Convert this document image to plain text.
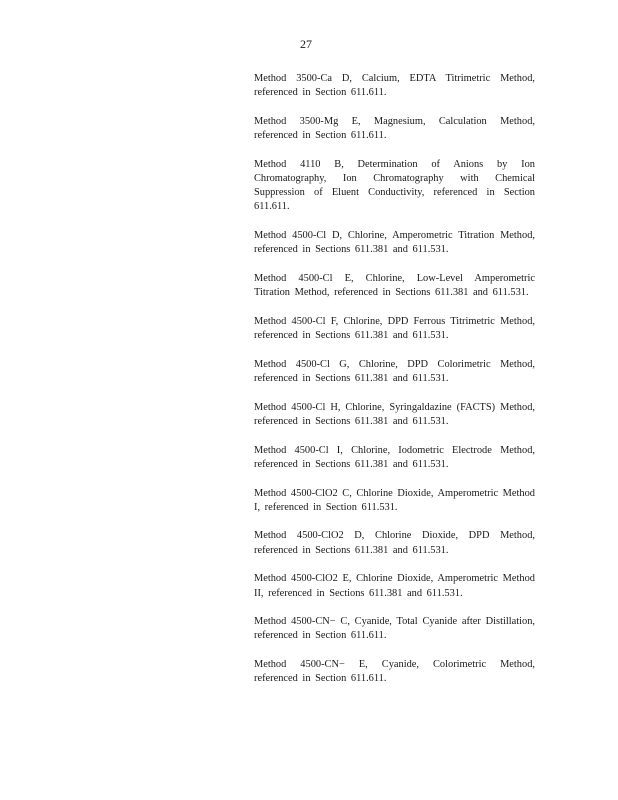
27

Method 3500-Ca D, Calcium, EDTA Titrimetric Method, referenced in Section 611.611.

Method 3500-Mg E, Magnesium, Calculation Method, referenced in Section 611.611.

Method 4110 B, Determination of Anions by Ion Chromatography, Ion Chromatography with Chemical Suppression of Eluent Conductivity, referenced in Section 611.611.

Method 4500-Cl D, Chlorine, Amperometric Titration Method, referenced in Sections 611.381 and 611.531.

Method 4500-Cl E, Chlorine, Low-Level Amperometric Titration Method, referenced in Sections 611.381 and 611.531.

Method 4500-Cl F, Chlorine, DPD Ferrous Titrimetric Method, referenced in Sections 611.381 and 611.531.

Method 4500-Cl G, Chlorine, DPD Colorimetric Method, referenced in Sections 611.381 and 611.531.

Method 4500-Cl H, Chlorine, Syringaldazine (FACTS) Method, referenced in Sections 611.381 and 611.531.

Method 4500-Cl I, Chlorine, Iodometric Electrode Method, referenced in Sections 611.381 and 611.531.

Method 4500-ClO2 C, Chlorine Dioxide, Amperometric Method I, referenced in Section 611.531.

Method 4500-ClO2 D, Chlorine Dioxide, DPD Method, referenced in Sections 611.381 and 611.531.

Method 4500-ClO2 E, Chlorine Dioxide, Amperometric Method II, referenced in Sections 611.381 and 611.531.

Method 4500-CN− C, Cyanide, Total Cyanide after Distillation, referenced in Section 611.611.

Method 4500-CN− E, Cyanide, Colorimetric Method, referenced in Section 611.611.
